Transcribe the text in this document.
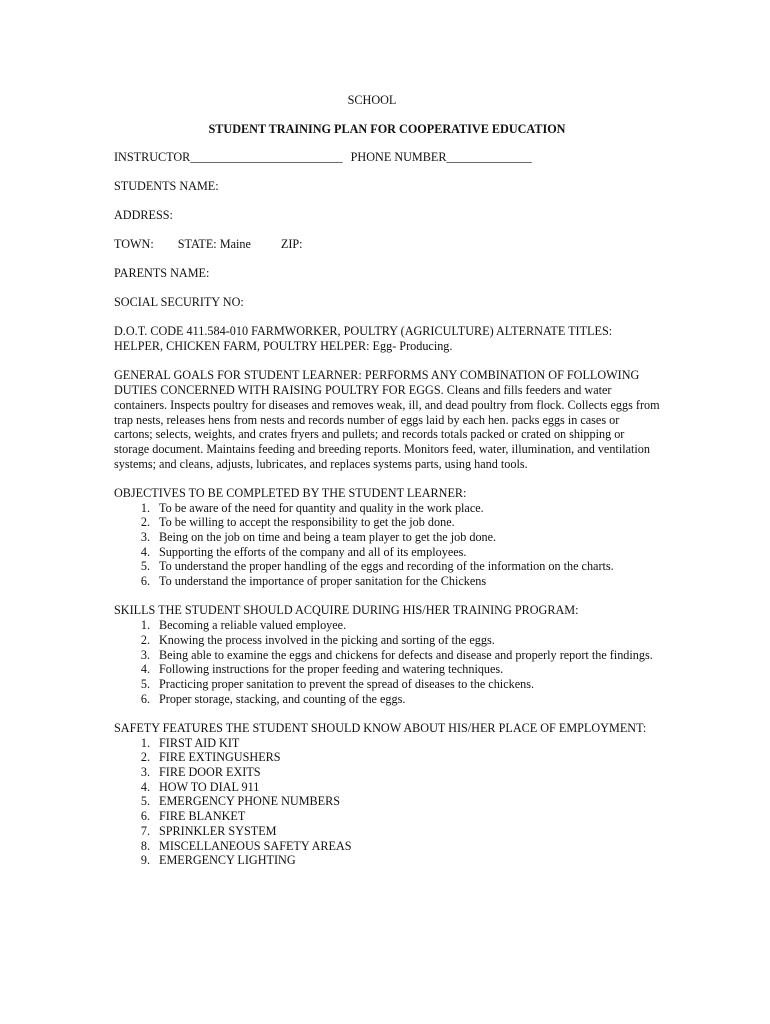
SCHOOL
STUDENT TRAINING PLAN FOR COOPERATIVE EDUCATION
INSTRUCTOR_________________________ PHONE NUMBER______________
STUDENTS NAME:
ADDRESS:
TOWN: STATE: Maine ZIP:
PARENTS NAME:
SOCIAL SECURITY NO:
D.O.T. CODE 411.584-010 FARMWORKER, POULTRY (AGRICULTURE) ALTERNATE TITLES: HELPER, CHICKEN FARM, POULTRY HELPER: Egg- Producing.
GENERAL GOALS FOR STUDENT LEARNER: PERFORMS ANY COMBINATION OF FOLLOWING DUTIES CONCERNED WITH RAISING POULTRY FOR EGGS. Cleans and fills feeders and water containers. Inspects poultry for diseases and removes weak, ill, and dead poultry from flock. Collects eggs from trap nests, releases hens from nests and records number of eggs laid by each hen. packs eggs in cases or cartons; selects, weights, and crates fryers and pullets; and records totals packed or crated on shipping or storage document. Maintains feeding and breeding reports. Monitors feed, water, illumination, and ventilation systems; and cleans, adjusts, lubricates, and replaces systems parts, using hand tools.
OBJECTIVES TO BE COMPLETED BY THE STUDENT LEARNER:
1. To be aware of the need for quantity and quality in the work place.
2. To be willing to accept the responsibility to get the job done.
3. Being on the job on time and being a team player to get the job done.
4. Supporting the efforts of the company and all of its employees.
5. To understand the proper handling of the eggs and recording of the information on the charts.
6. To understand the importance of proper sanitation for the Chickens
SKILLS THE STUDENT SHOULD ACQUIRE DURING HIS/HER TRAINING PROGRAM:
1. Becoming a reliable valued employee.
2. Knowing the process involved in the picking and sorting of the eggs.
3. Being able to examine the eggs and chickens for defects and disease and properly report the findings.
4. Following instructions for the proper feeding and watering techniques.
5. Practicing proper sanitation to prevent the spread of diseases to the chickens.
6. Proper storage, stacking, and counting of the eggs.
SAFETY FEATURES THE STUDENT SHOULD KNOW ABOUT HIS/HER PLACE OF EMPLOYMENT:
1. FIRST AID KIT
2. FIRE EXTINGUSHERS
3. FIRE DOOR EXITS
4. HOW TO DIAL 911
5. EMERGENCY PHONE NUMBERS
6. FIRE BLANKET
7. SPRINKLER SYSTEM
8. MISCELLANEOUS SAFETY AREAS
9. EMERGENCY LIGHTING
